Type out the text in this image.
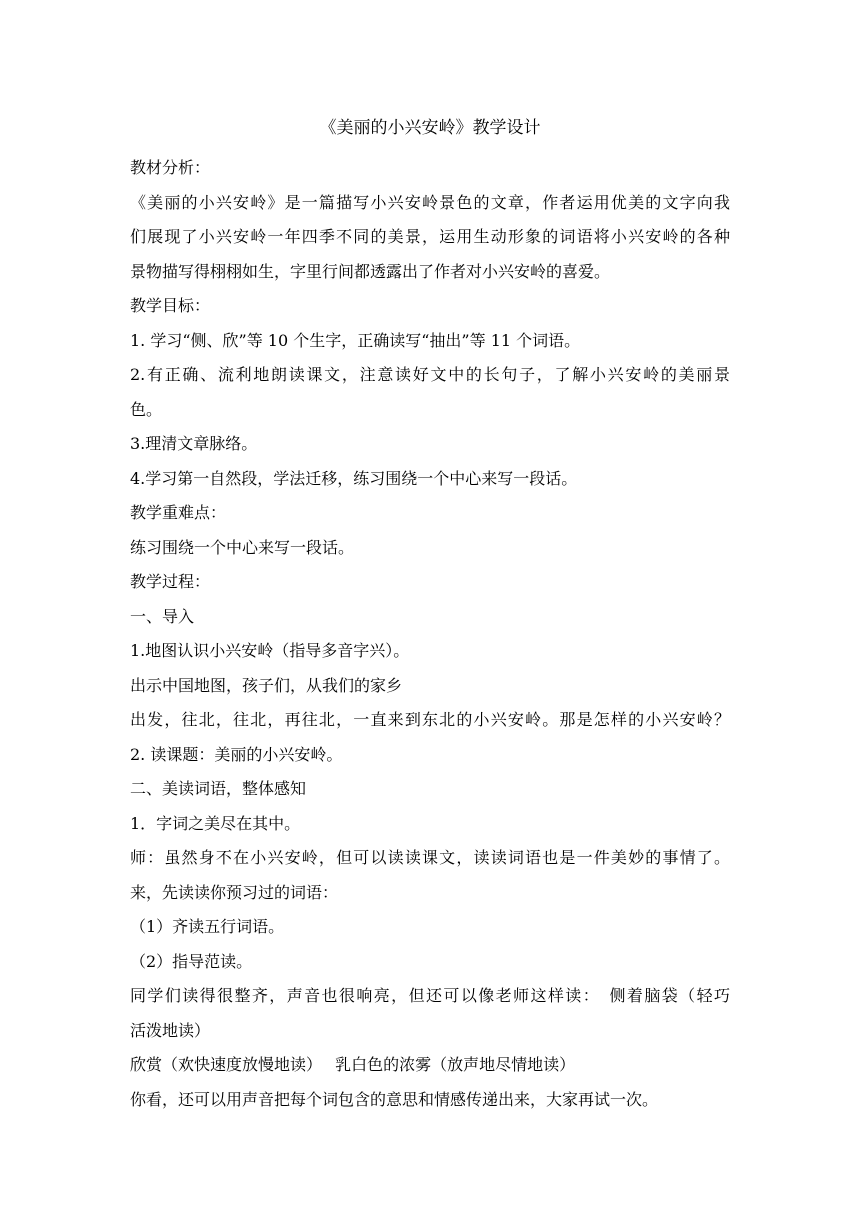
《美丽的小兴安岭》教学设计
教材分析：
《美丽的小兴安岭》是一篇描写小兴安岭景色的文章，作者运用优美的文字向我
们展现了小兴安岭一年四季不同的美景，运用生动形象的词语将小兴安岭的各种
景物描写得栩栩如生，字里行间都透露出了作者对小兴安岭的喜爱。
教学目标：
1. 学习“侧、欣”等 10 个生字，正确读写“抽出”等 11 个词语。
2.有正确、流利地朗读课文，注意读好文中的长句子，了解小兴安岭的美丽景
色。
3.理清文章脉络。
4.学习第一自然段，学法迁移，练习围绕一个中心来写一段话。
教学重难点：
练习围绕一个中心来写一段话。
教学过程：
一、导入
1.地图认识小兴安岭（指导多音字兴）。
出示中国地图，孩子们，从我们的家乡
出发，往北，往北，再往北，一直来到东北的小兴安岭。那是怎样的小兴安岭？
2. 读课题：美丽的小兴安岭。
二、美读词语，整体感知
1．字词之美尽在其中。
师：虽然身不在小兴安岭，但可以读读课文，读读词语也是一件美妙的事情了。
来，先读读你预习过的词语：
（1）齐读五行词语。
（2）指导范读。
同学们读得很整齐，声音也很响亮，但还可以像老师这样读：　侧着脑袋（轻巧
活泼地读）
欣赏（欢快速度放慢地读）　 乳白色的浓雾（放声地尽情地读）
你看，还可以用声音把每个词包含的意思和情感传递出来，大家再试一次。
